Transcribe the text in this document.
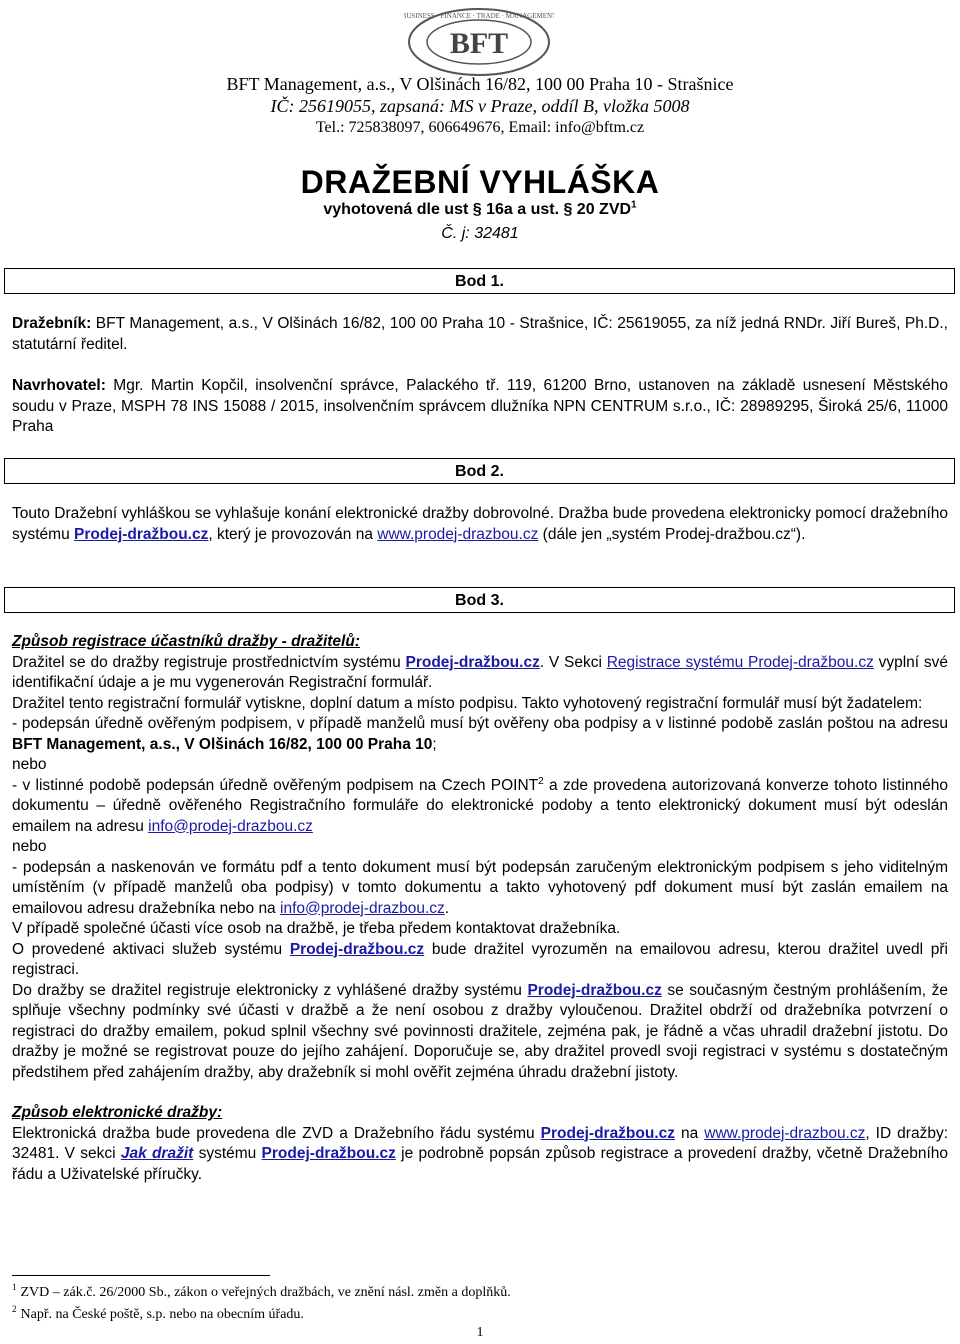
BFT
BUSINESS · FINANCE · TRADE · MANAGEMENT
BFT Management, a.s., V Olšinách 16/82, 100 00 Praha 10 - Strašnice
IČ: 25619055, zapsaná: MS v Praze, oddíl B, vložka 5008
Tel.: 725838097, 606649676, Email: info@bftm.cz
DRAŽEBNÍ VYHLÁŠKA
vyhotovená dle ust § 16a a ust. § 20 ZVD$^1$
Č. j: 32481
Bod 1.
Dražebník: BFT Management, a.s., V Olšinách 16/82, 100 00 Praha 10 - Strašnice, IČ: 25619055, za níž jedná RNDr. Jiří Bureš, Ph.D., statutární ředitel.
Navrhovatel: Mgr. Martin Kopčil, insolvenční správce, Palackého tř. 119, 61200 Brno, ustanoven na základě usnesení Městského soudu v Praze, MSPH 78 INS 15088 / 2015, insolvenčním správcem dlužníka NPN CENTRUM s.r.o., IČ: 28989295, Široká 25/6, 11000 Praha
Bod 2.
Touto Dražební vyhláškou se vyhlašuje konání elektronické dražby dobrovolné. Dražba bude provedena elektronicky pomocí dražebního systému Prodej-dražbou.cz, který je provozován na www.prodej-drazbou.cz (dále jen „systém Prodej-dražbou.cz“).
Bod 3.
Způsob registrace účastníků dražby - dražitelů:
Dražitel se do dražby registruje prostřednictvím systému Prodej-dražbou.cz. V Sekci Registrace systému Prodej-dražbou.cz vyplní své identifikační údaje a je mu vygenerován Registrační formulář.
Dražitel tento registrační formulář vytiskne, doplní datum a místo podpisu. Takto vyhotovený registrační formulář musí být žadatelem:
- podepsán úředně ověřeným podpisem, v případě manželů musí být ověřeny oba podpisy a v listinné podobě zaslán poštou na adresu BFT Management, a.s., V Olšinách 16/82, 100 00 Praha 10;
nebo
- v listinné podobě podepsán úředně ověřeným podpisem na Czech POINT$^2$ a zde provedena autorizovaná konverze tohoto listinného dokumentu – úředně ověřeného Registračního formuláře do elektronické podoby a tento elektronický dokument musí být odeslán emailem na adresu info@prodej-drazbou.cz
nebo
- podepsán a naskenován ve formátu pdf a tento dokument musí být podepsán zaručeným elektronickým podpisem s jeho viditelným umístěním (v případě manželů oba podpisy) v tomto dokumentu a takto vyhotovený pdf dokument musí být zaslán emailem na emailovou adresu dražebníka nebo na info@prodej-drazbou.cz.
V případě společné účasti více osob na dražbě, je třeba předem kontaktovat dražebníka.
O provedené aktivaci služeb systému Prodej-dražbou.cz bude dražitel vyrozuměn na emailovou adresu, kterou dražitel uvedl při registraci.
Do dražby se dražitel registruje elektronicky z vyhlášené dražby systému Prodej-dražbou.cz se současným čestným prohlášením, že splňuje všechny podmínky své účasti v dražbě a že není osobou z dražby vyloučenou. Dražitel obdrží od dražebníka potvrzení o registraci do dražby emailem, pokud splnil všechny své povinnosti dražitele, zejména pak, je řádně a včas uhradil dražební jistotu. Do dražby je možné se registrovat pouze do jejího zahájení. Doporučuje se, aby dražitel provedl svoji registraci v systému s dostatečným předstihem před zahájením dražby, aby dražebník si mohl ověřit zejména úhradu dražební jistoty.
Způsob elektronické dražby:
Elektronická dražba bude provedena dle ZVD a Dražebního řádu systému Prodej-dražbou.cz na www.prodej-drazbou.cz, ID dražby: 32481. V sekci Jak dražit systému Prodej-dražbou.cz je podrobně popsán způsob registrace a provedení dražby, včetně Dražebního řádu a Uživatelské příručky.
$^1$ ZVD – zák.č. 26/2000 Sb., zákon o veřejných dražbách, ve znění násl. změn a doplňků.
$^2$ Např. na České poště, s.p. nebo na obecním úřadu.
1
